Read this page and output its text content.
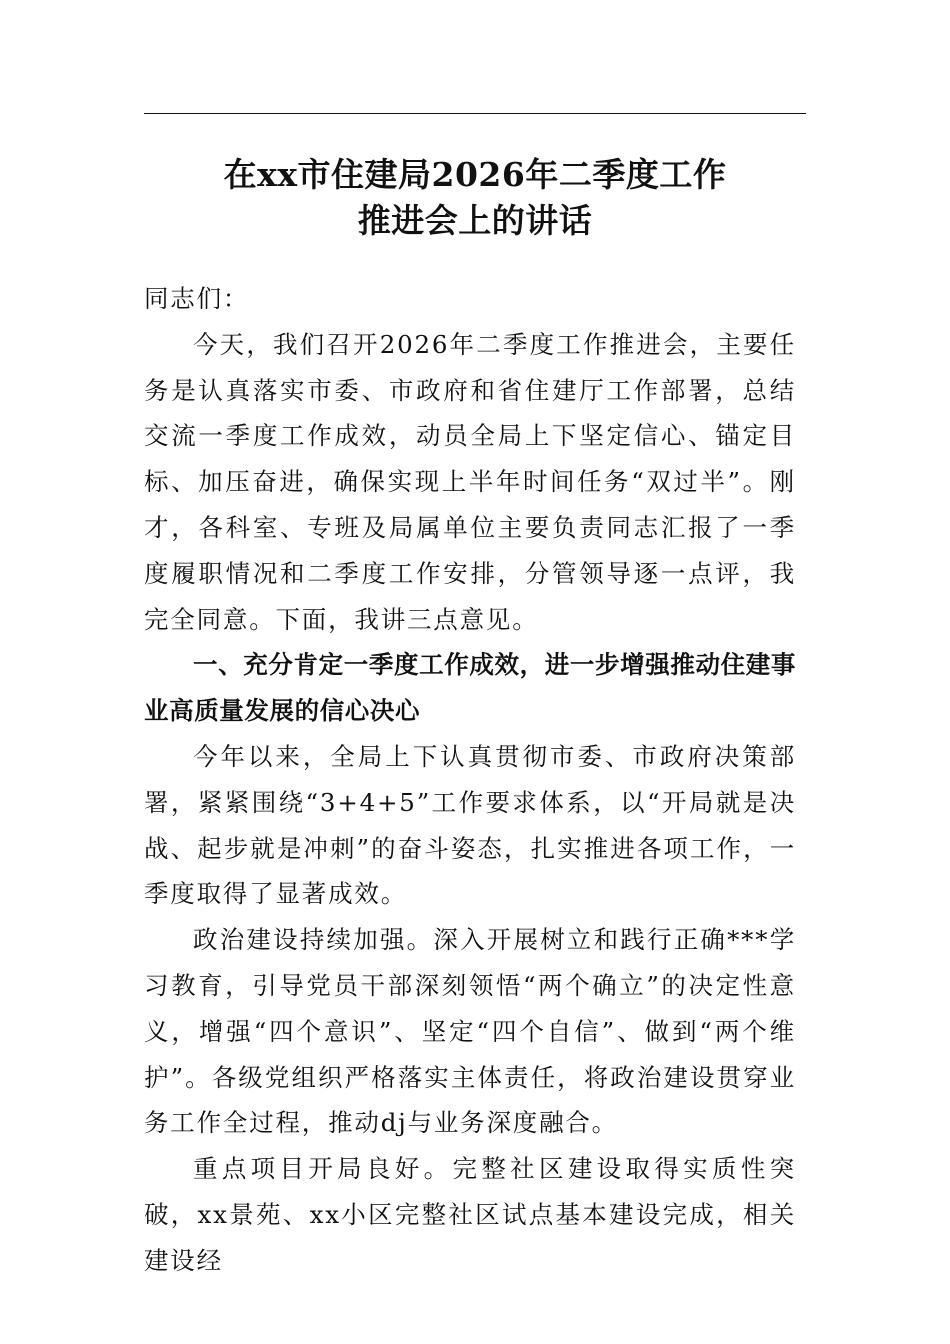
在xx市住建局2026年二季度工作
推进会上的讲话

同志们：

今天，我们召开2026年二季度工作推进会，主要任务是认真落实市委、市政府和省住建厅工作部署，总结交流一季度工作成效，动员全局上下坚定信心、锚定目标、加压奋进，确保实现上半年时间任务“双过半”。刚才，各科室、专班及局属单位主要负责同志汇报了一季度履职情况和二季度工作安排，分管领导逐一点评，我完全同意。下面，我讲三点意见。

一、充分肯定一季度工作成效，进一步增强推动住建事业高质量发展的信心决心

今年以来，全局上下认真贯彻市委、市政府决策部署，紧紧围绕“3+4+5”工作要求体系，以“开局就是决战、起步就是冲刺”的奋斗姿态，扎实推进各项工作，一季度取得了显著成效。

政治建设持续加强。深入开展树立和践行正确***学习教育，引导党员干部深刻领悟“两个确立”的决定性意义，增强“四个意识”、坚定“四个自信”、做到“两个维护”。各级党组织严格落实主体责任，将政治建设贯穿业务工作全过程，推动dj与业务深度融合。

重点项目开局良好。完整社区建设取得实质性突破，xx景苑、xx小区完整社区试点基本建设完成，相关建设经
